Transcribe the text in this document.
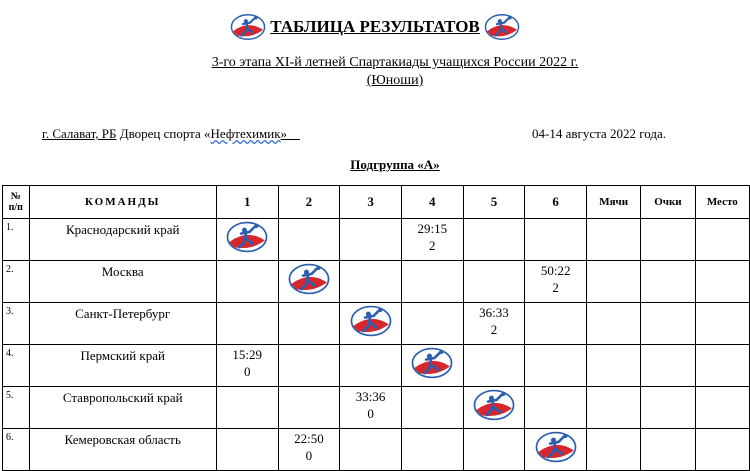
ТАБЛИЦА РЕЗУЛЬТАТОВ
3-го этапа XI-й летней Спартакиады учащихся России 2022 г.
(Юноши)
г. Салават, РБ Дворец спорта «Нефтехимик»	04-14 августа 2022 года.
Подгруппа «А»
№
п/п	КОМАНДЫ	1	2	3	4	5	6	Мячи	Очки	Место
1.	Краснодарский край				29:15
2					
2.	Москва						50:22
2			
3.	Санкт-Петербург					36:33
2				
4.	Пермский край	15:29
0								
5.	Ставропольский край			33:36
0						
6.	Кемеровская область		22:50
0							
